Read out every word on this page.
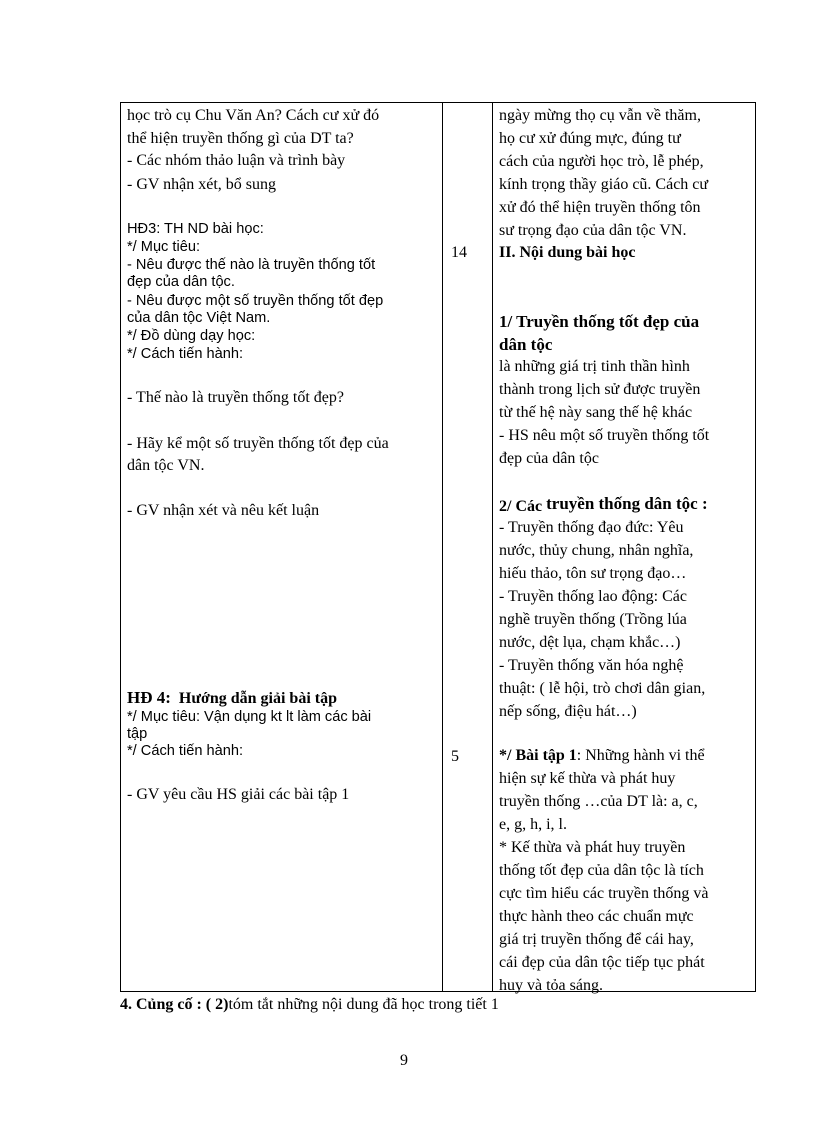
học trò cụ Chu Văn An? Cách cư xử đó
thể hiện truyền thống gì của DT ta?
- Các nhóm thảo luận và trình bày
- GV nhận xét, bổ sung
HĐ3: TH ND bài học:
*/ Mục tiêu:
- Nêu được thế nào là truyền thống tốt
đẹp của dân tộc.
- Nêu được một số truyền thống tốt đẹp
của dân tộc Việt Nam.
*/ Đồ dùng dạy học:
*/ Cách tiến hành:
- Thế nào là truyền thống tốt đẹp?
- Hãy kể một số truyền thống tốt đẹp của
dân tộc VN.
- GV nhận xét và nêu kết luận
HĐ 4: Hướng dẫn giải bài tập
*/ Mục tiêu: Vận dụng kt lt làm các bài
tập
*/ Cách tiến hành:
- GV yêu cầu HS giải các bài tập 1
14
5
ngày mừng thọ cụ vẫn về thăm,
họ cư xử đúng mực, đúng tư
cách của người học trò, lễ phép,
kính trọng thầy giáo cũ. Cách cư
xử đó thể hiện truyền thống tôn
sư trọng đạo của dân tộc VN.
II. Nội dung bài học
1/ Truyền thống tốt đẹp của
dân tộc
là những giá trị tinh thần hình
thành trong lịch sử được truyền
từ thế hệ này sang thế hệ khác
- HS nêu một số truyền thống tốt
đẹp của dân tộc
2/ Các truyền thống dân tộc :
- Truyền thống đạo đức: Yêu
nước, thủy chung, nhân nghĩa,
hiếu thảo, tôn sư trọng đạo…
- Truyền thống lao động: Các
nghề truyền thống (Trồng lúa
nước, dệt lụa, chạm khắc…)
- Truyền thống văn hóa nghệ
thuật: ( lễ hội, trò chơi dân gian,
nếp sống, điệu hát…)
*/ Bài tập 1: Những hành vi thể
hiện sự kế thừa và phát huy
truyền thống …của DT là: a, c,
e, g, h, i, l.
* Kế thừa và phát huy truyền
thống tốt đẹp của dân tộc là tích
cực tìm hiểu các truyền thống và
thực hành theo các chuẩn mực
giá trị truyền thống để cái hay,
cái đẹp của dân tộc tiếp tục phát
huy và tỏa sáng.
4. Củng cố : ( 2)tóm tắt những nội dung đã học trong tiết 1
9
